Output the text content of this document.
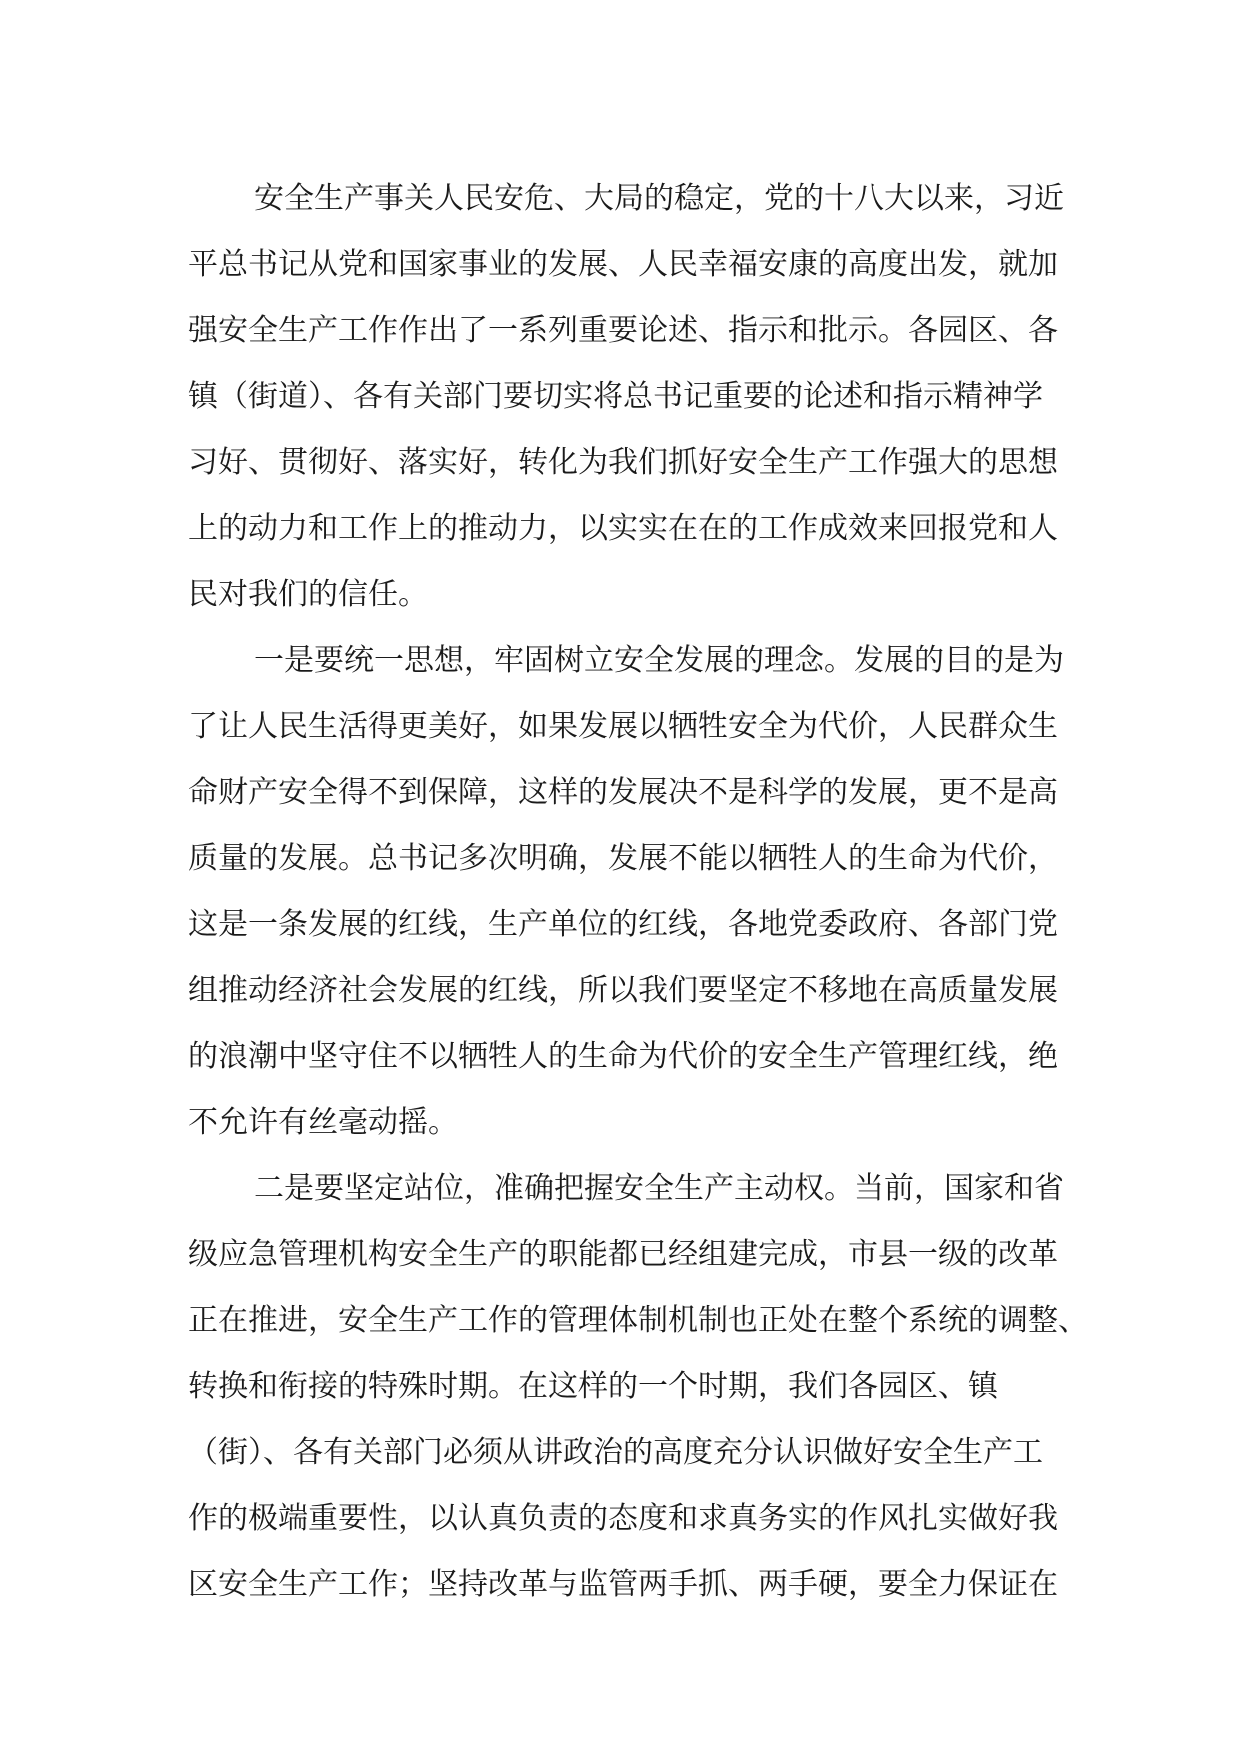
安全生产事关人民安危、大局的稳定，党的十八大以来，习近
平总书记从党和国家事业的发展、人民幸福安康的高度出发，就加
强安全生产工作作出了一系列重要论述、指示和批示。各园区、各
镇（街道）、各有关部门要切实将总书记重要的论述和指示精神学
习好、贯彻好、落实好，转化为我们抓好安全生产工作强大的思想
上的动力和工作上的推动力，以实实在在的工作成效来回报党和人
民对我们的信任。
一是要统一思想，牢固树立安全发展的理念。发展的目的是为
了让人民生活得更美好，如果发展以牺牲安全为代价，人民群众生
命财产安全得不到保障，这样的发展决不是科学的发展，更不是高
质量的发展。总书记多次明确，发展不能以牺牲人的生命为代价，
这是一条发展的红线，生产单位的红线，各地党委政府、各部门党
组推动经济社会发展的红线，所以我们要坚定不移地在高质量发展
的浪潮中坚守住不以牺牲人的生命为代价的安全生产管理红线，绝
不允许有丝毫动摇。
二是要坚定站位，准确把握安全生产主动权。当前，国家和省
级应急管理机构安全生产的职能都已经组建完成，市县一级的改革
正在推进，安全生产工作的管理体制机制也正处在整个系统的调整、
转换和衔接的特殊时期。在这样的一个时期，我们各园区、镇
（街）、各有关部门必须从讲政治的高度充分认识做好安全生产工
作的极端重要性，以认真负责的态度和求真务实的作风扎实做好我
区安全生产工作；坚持改革与监管两手抓、两手硬，要全力保证在
